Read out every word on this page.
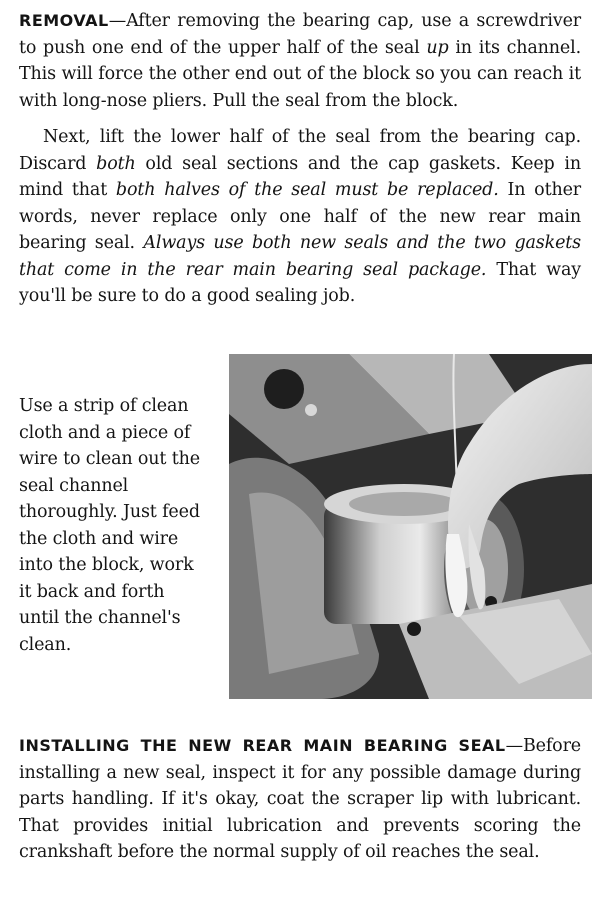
REMOVAL—After removing the bearing cap, use a screwdriver to push one end of the upper half of the seal up in its channel. This will force the other end out of the block so you can reach it with long-nose pliers. Pull the seal from the block.

Next, lift the lower half of the seal from the bearing cap. Discard both old seal sections and the cap gaskets. Keep in mind that both halves of the seal must be replaced. In other words, never replace only one half of the new rear main bearing seal. Always use both new seals and the two gaskets that come in the rear main bearing seal package. That way you'll be sure to do a good sealing job.

Use a strip of clean cloth and a piece of wire to clean out the seal channel thoroughly. Just feed the cloth and wire into the block, work it back and forth until the channel's clean.

INSTALLING THE NEW REAR MAIN BEARING SEAL—Before installing a new seal, inspect it for any possible damage during parts handling. If it's okay, coat the scraper lip with lubricant. That provides initial lubrication and prevents scoring the crankshaft before the normal supply of oil reaches the seal.
